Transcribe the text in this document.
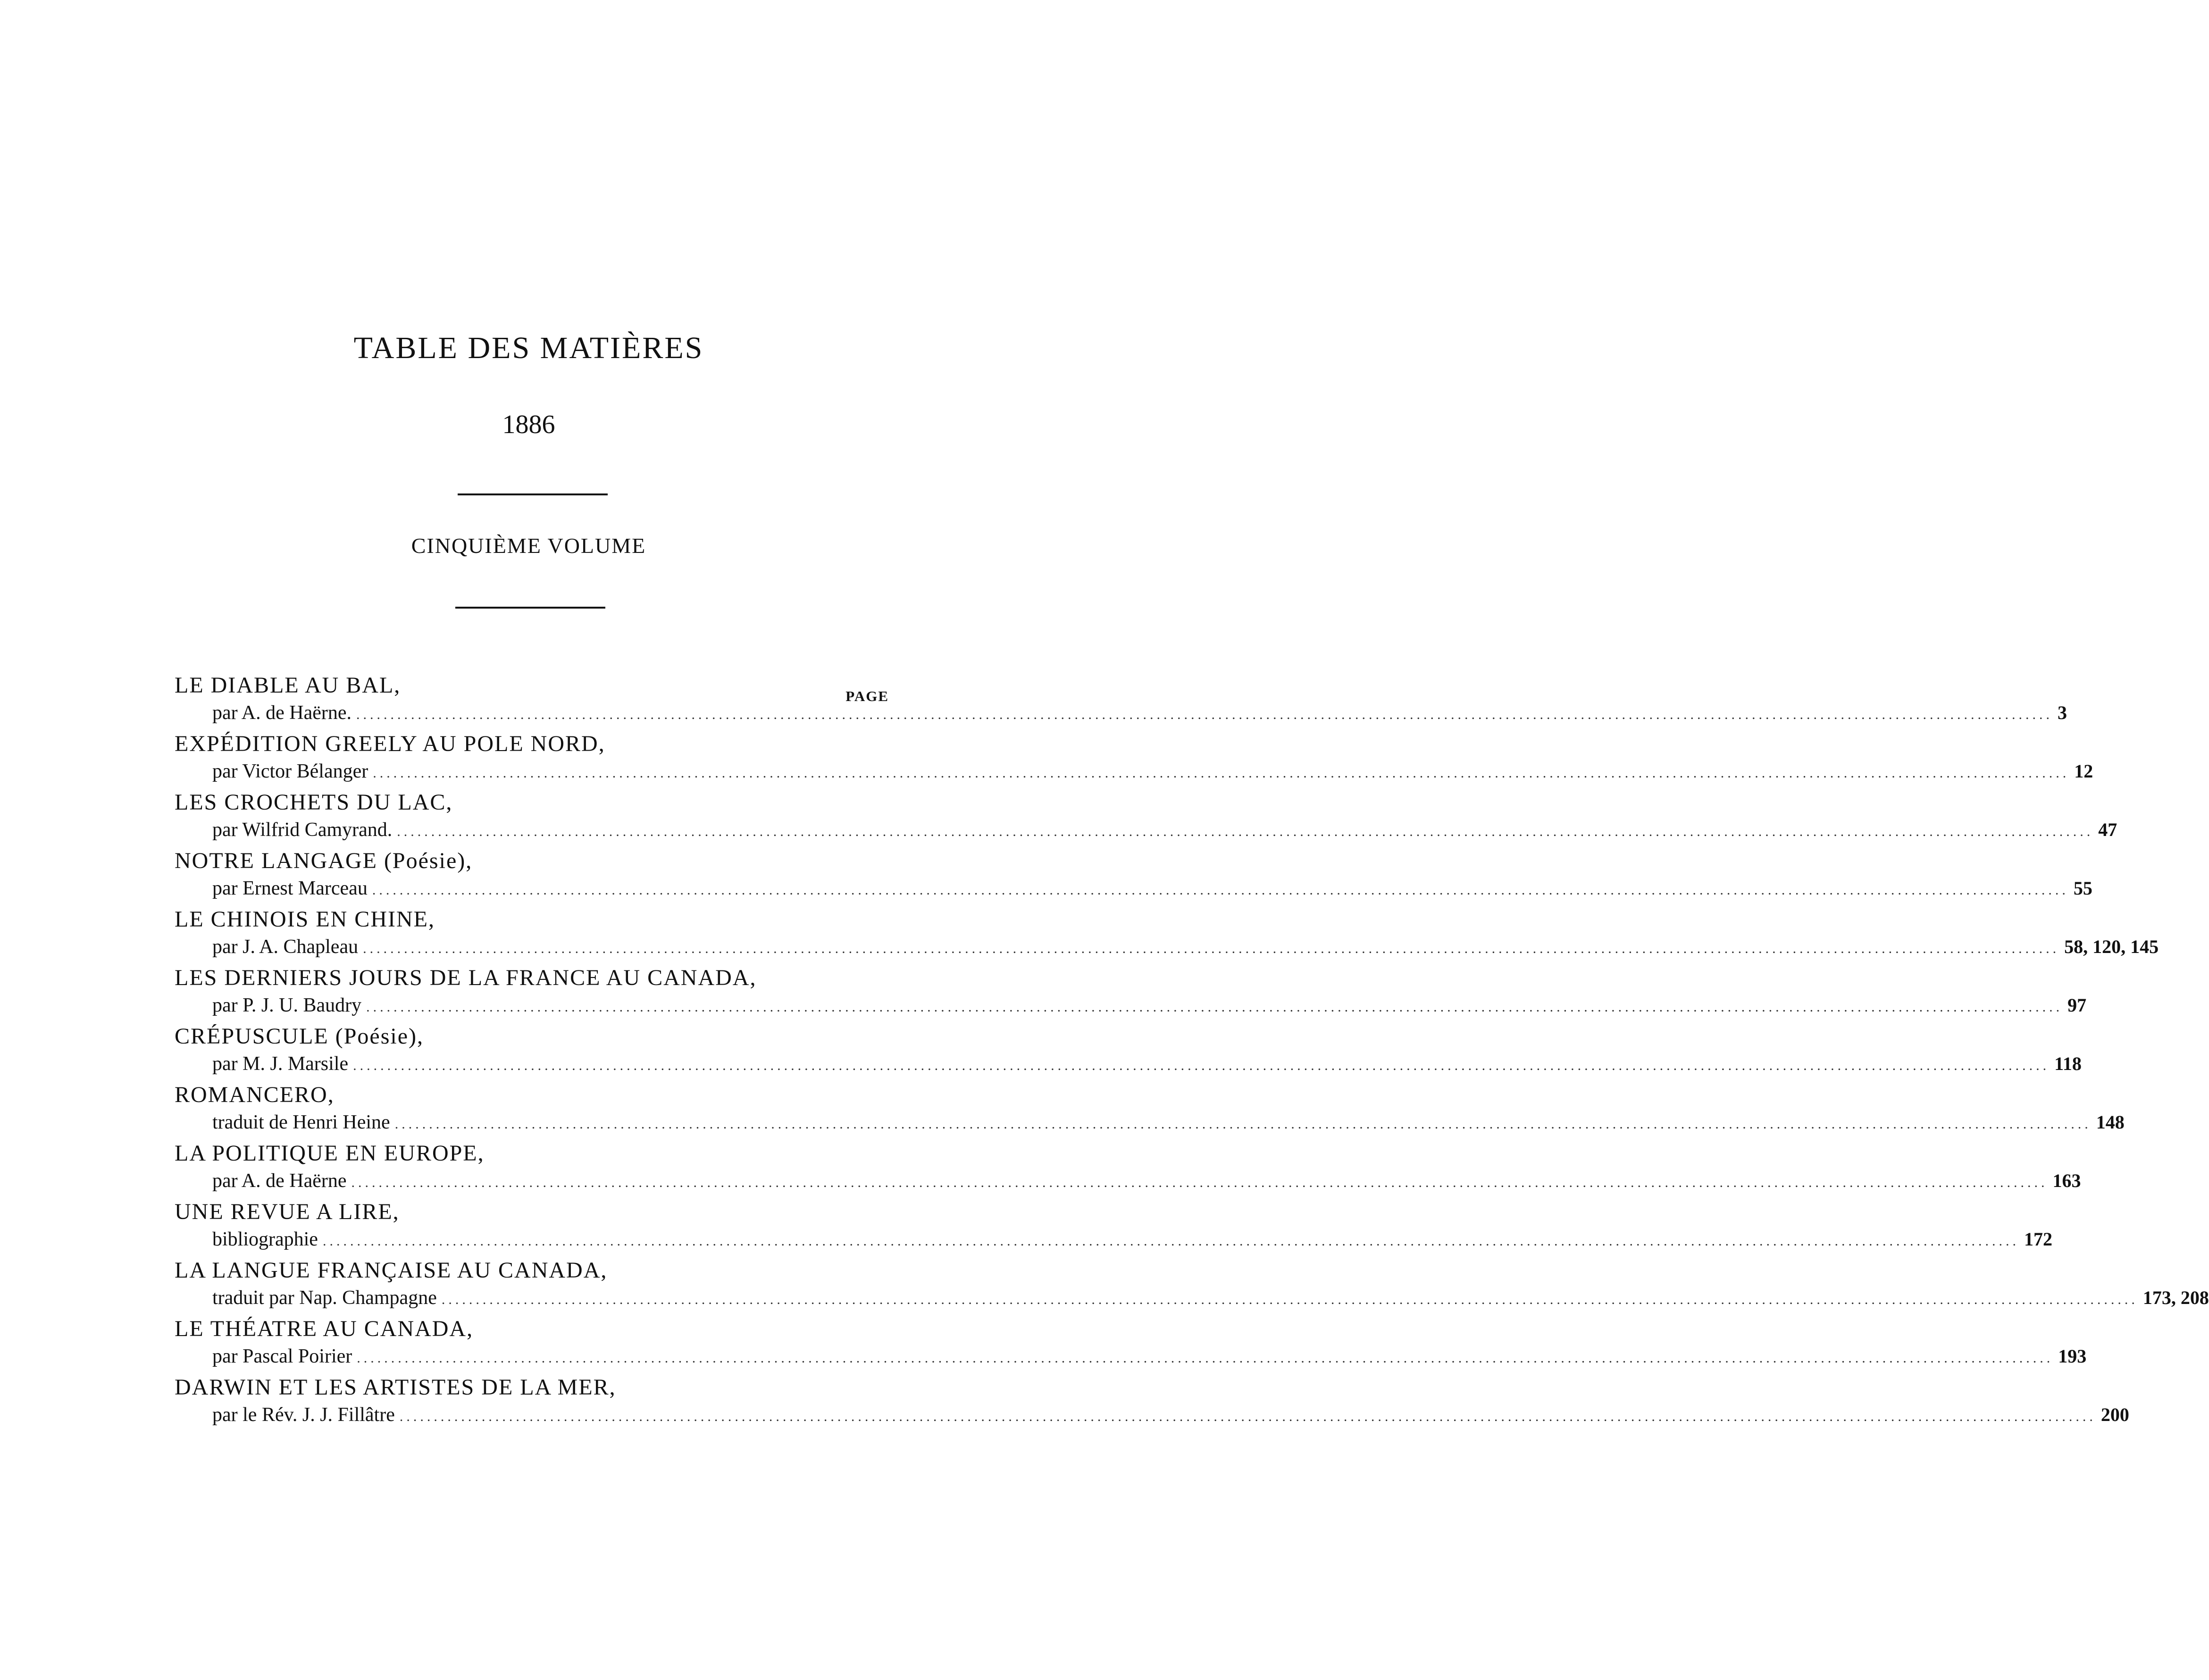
TABLE DES MATIÈRES
1886
CINQUIÈME VOLUME
PAGE
LE DIABLE AU BAL,
par A. de Haërne. ........................................................................................................................................................................................................................................................ 3
EXPÉDITION GREELY AU POLE NORD,
par Victor Bélanger ........................................................................................................................................................................................................................................................ 12
LES CROCHETS DU LAC,
par Wilfrid Camyrand. ........................................................................................................................................................................................................................................................ 47
NOTRE LANGAGE (Poésie),
par Ernest Marceau ........................................................................................................................................................................................................................................................ 55
LE CHINOIS EN CHINE,
par J. A. Chapleau ........................................................................................................................................................................................................................................................ 58, 120, 145
LES DERNIERS JOURS DE LA FRANCE AU CANADA,
par P. J. U. Baudry ........................................................................................................................................................................................................................................................ 97
CRÉPUSCULE (Poésie),
par M. J. Marsile ........................................................................................................................................................................................................................................................ 118
ROMANCERO,
traduit de Henri Heine ........................................................................................................................................................................................................................................................ 148
LA POLITIQUE EN EUROPE,
par A. de Haërne ........................................................................................................................................................................................................................................................ 163
UNE REVUE A LIRE,
bibliographie ........................................................................................................................................................................................................................................................ 172
LA LANGUE FRANÇAISE AU CANADA,
traduit par Nap. Champagne ........................................................................................................................................................................................................................................................ 173, 208
LE THÉATRE AU CANADA,
par Pascal Poirier ........................................................................................................................................................................................................................................................ 193
DARWIN ET LES ARTISTES DE LA MER,
par le Rév. J. J. Fillâtre ........................................................................................................................................................................................................................................................ 200
